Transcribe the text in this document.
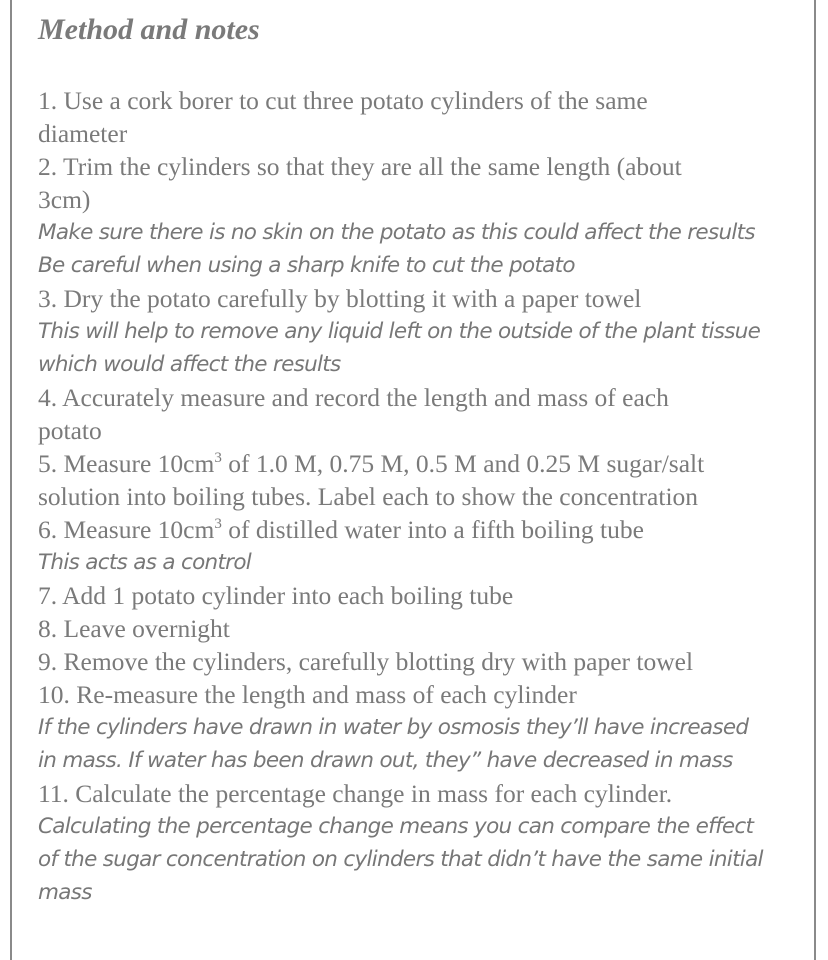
Method and notes

1. Use a cork borer to cut three potato cylinders of the same

diameter

2. Trim the cylinders so that they are all the same length (about

3cm)

Make sure there is no skin on the potato as this could affect the results

Be careful when using a sharp knife to cut the potato

3. Dry the potato carefully by blotting it with a paper towel

This will help to remove any liquid left on the outside of the plant tissue

which would affect the results

4. Accurately measure and record the length and mass of each

potato

5. Measure $10cm^3$ of 1.0 M, 0.75 M, 0.5 M and 0.25 M sugar/salt

solution into boiling tubes. Label each to show the concentration

6. Measure $10cm^3$ of distilled water into a fifth boiling tube

This acts as a control

7. Add 1 potato cylinder into each boiling tube

8. Leave overnight

9. Remove the cylinders, carefully blotting dry with paper towel

10. Re-measure the length and mass of each cylinder

If the cylinders have drawn in water by osmosis they’ll have increased

in mass. If water has been drawn out, they” have decreased in mass

11. Calculate the percentage change in mass for each cylinder.

Calculating the percentage change means you can compare the effect

of the sugar concentration on cylinders that didn’t have the same initial

mass
